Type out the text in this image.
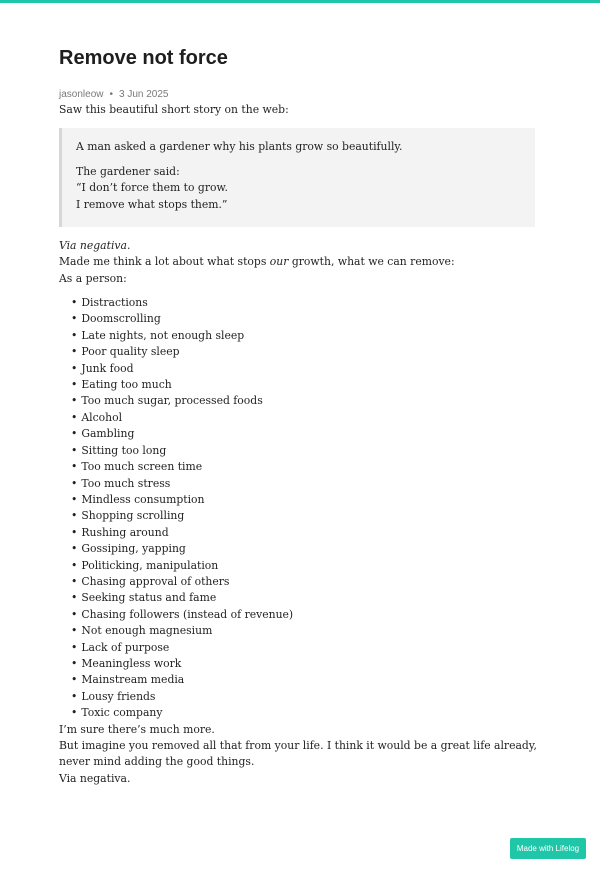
Remove not force
jasonleow • 3 Jun 2025

Saw this beautiful short story on the web:

A man asked a gardener why his plants grow so beautifully.

The gardener said:
“I don’t force them to grow.
I remove what stops them.”

Via negativa.

Made me think a lot about what stops our growth, what we can remove:

As a person:

• Distractions
• Doomscrolling
• Late nights, not enough sleep
• Poor quality sleep
• Junk food
• Eating too much
• Too much sugar, processed foods
• Alcohol
• Gambling
• Sitting too long
• Too much screen time
• Too much stress
• Mindless consumption
• Shopping scrolling
• Rushing around
• Gossiping, yapping
• Politicking, manipulation
• Chasing approval of others
• Seeking status and fame
• Chasing followers (instead of revenue)
• Not enough magnesium
• Lack of purpose
• Meaningless work
• Mainstream media
• Lousy friends
• Toxic company

I’m sure there’s much more.

But imagine you removed all that from your life. I think it would be a great life already, never mind adding the good things.

Via negativa.

Made with Lifelog
